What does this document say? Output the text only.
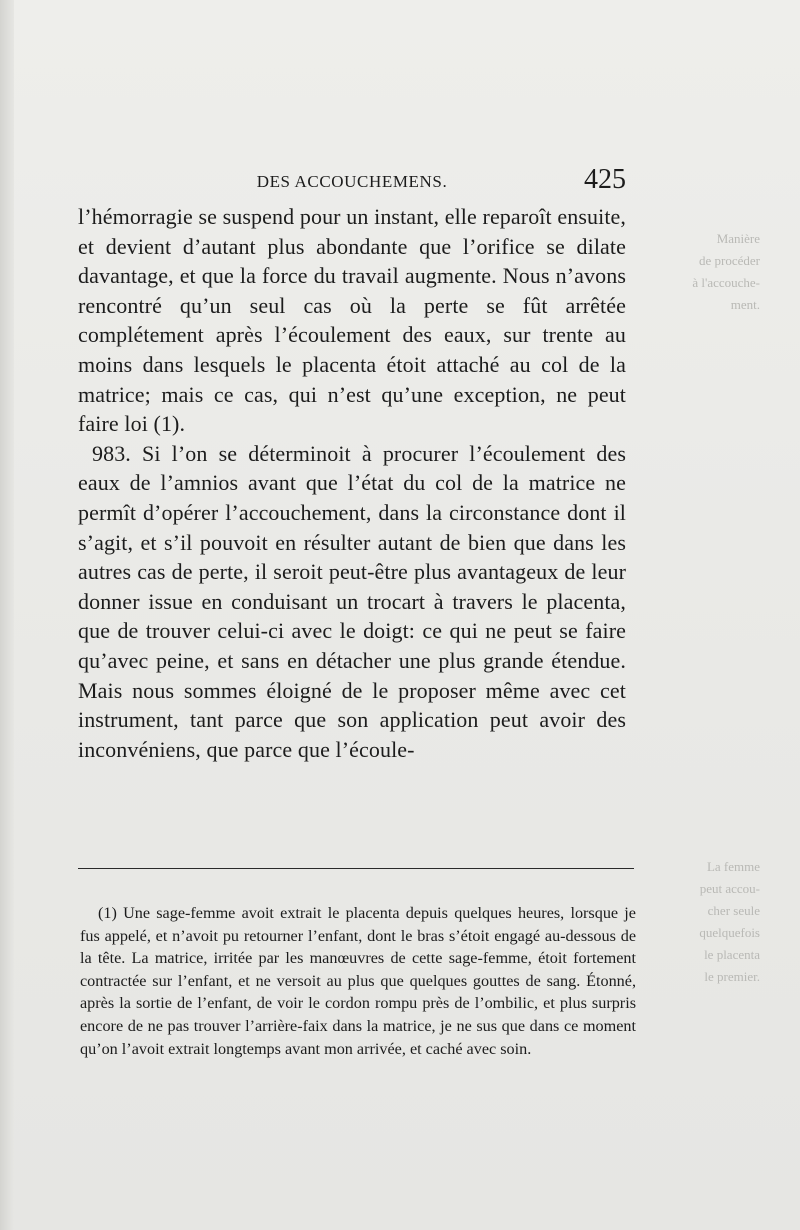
Manière
de procéder
à l'accouche-
ment.
La femme
peut accou-
cher seule
quelquefois
le placenta
le premier.
DES ACCOUCHEMENS.	425

l’hémorragie se suspend pour un instant, elle reparoît ensuite, et devient d’autant plus abondante que l’orifice se dilate davantage, et que la force du travail augmente. Nous n’avons rencontré qu’un seul cas où la perte se fût arrêtée complétement après l’écoulement des eaux, sur trente au moins dans lesquels le placenta étoit attaché au col de la matrice; mais ce cas, qui n’est qu’une exception, ne peut faire loi (1).

983. Si l’on se déterminoit à procurer l’écoulement des eaux de l’amnios avant que l’état du col de la matrice ne permît d’opérer l’accouchement, dans la circonstance dont il s’agit, et s’il pouvoit en résulter autant de bien que dans les autres cas de perte, il seroit peut-être plus avantageux de leur donner issue en conduisant un trocart à travers le placenta, que de trouver celui-ci avec le doigt: ce qui ne peut se faire qu’avec peine, et sans en détacher une plus grande étendue. Mais nous sommes éloigné de le proposer même avec cet instrument, tant parce que son application peut avoir des inconvéniens, que parce que l’écoule-

(1) Une sage-femme avoit extrait le placenta depuis quelques heures, lorsque je fus appelé, et n’avoit pu retourner l’enfant, dont le bras s’étoit engagé au-dessous de la tête. La matrice, irritée par les manœuvres de cette sage-femme, étoit fortement contractée sur l’enfant, et ne versoit au plus que quelques gouttes de sang. Étonné, après la sortie de l’enfant, de voir le cordon rompu près de l’ombilic, et plus surpris encore de ne pas trouver l’arrière-faix dans la matrice, je ne sus que dans ce moment qu’on l’avoit extrait longtemps avant mon arrivée, et caché avec soin.
